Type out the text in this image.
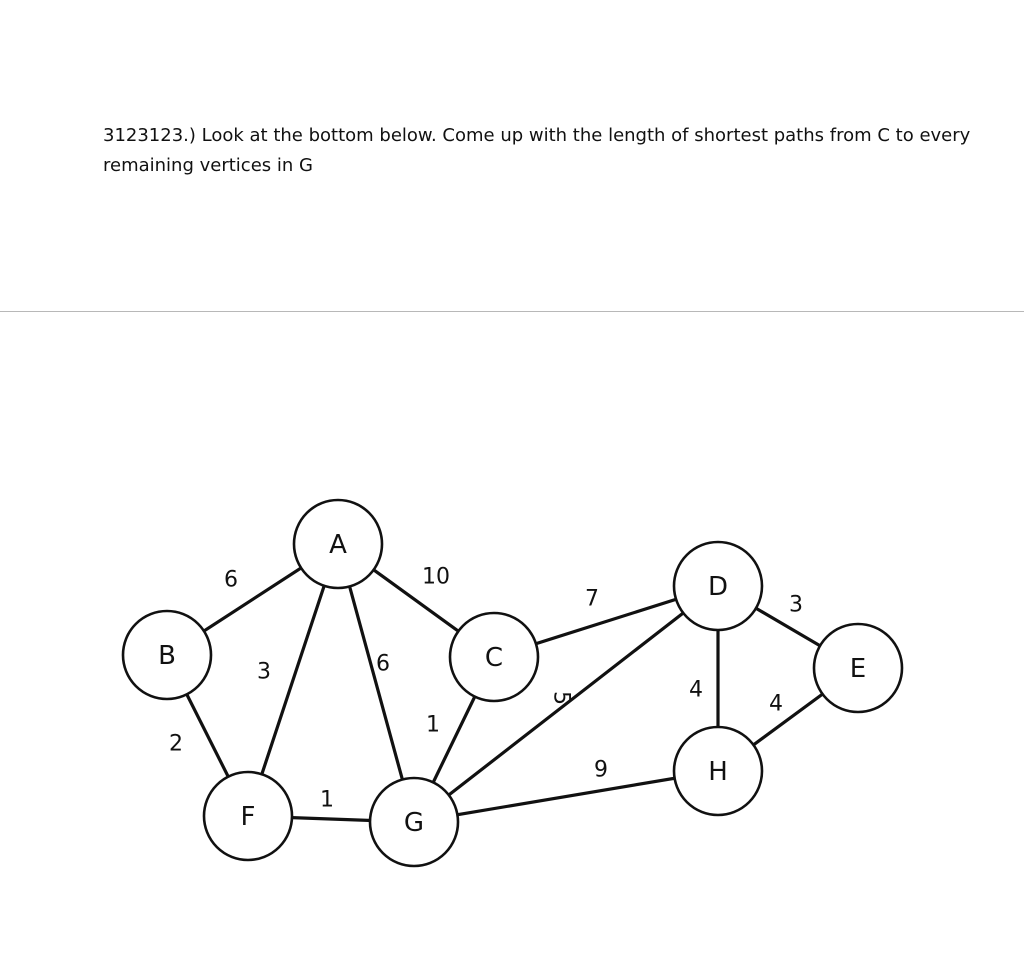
3123123.) Look at the bottom below. Come up with the length of shortest paths from C to every

remaining vertices in G

6
3	6
10
2
1
1
7
5
9
4
3
4
A
B	C
D
E
F	G
H
